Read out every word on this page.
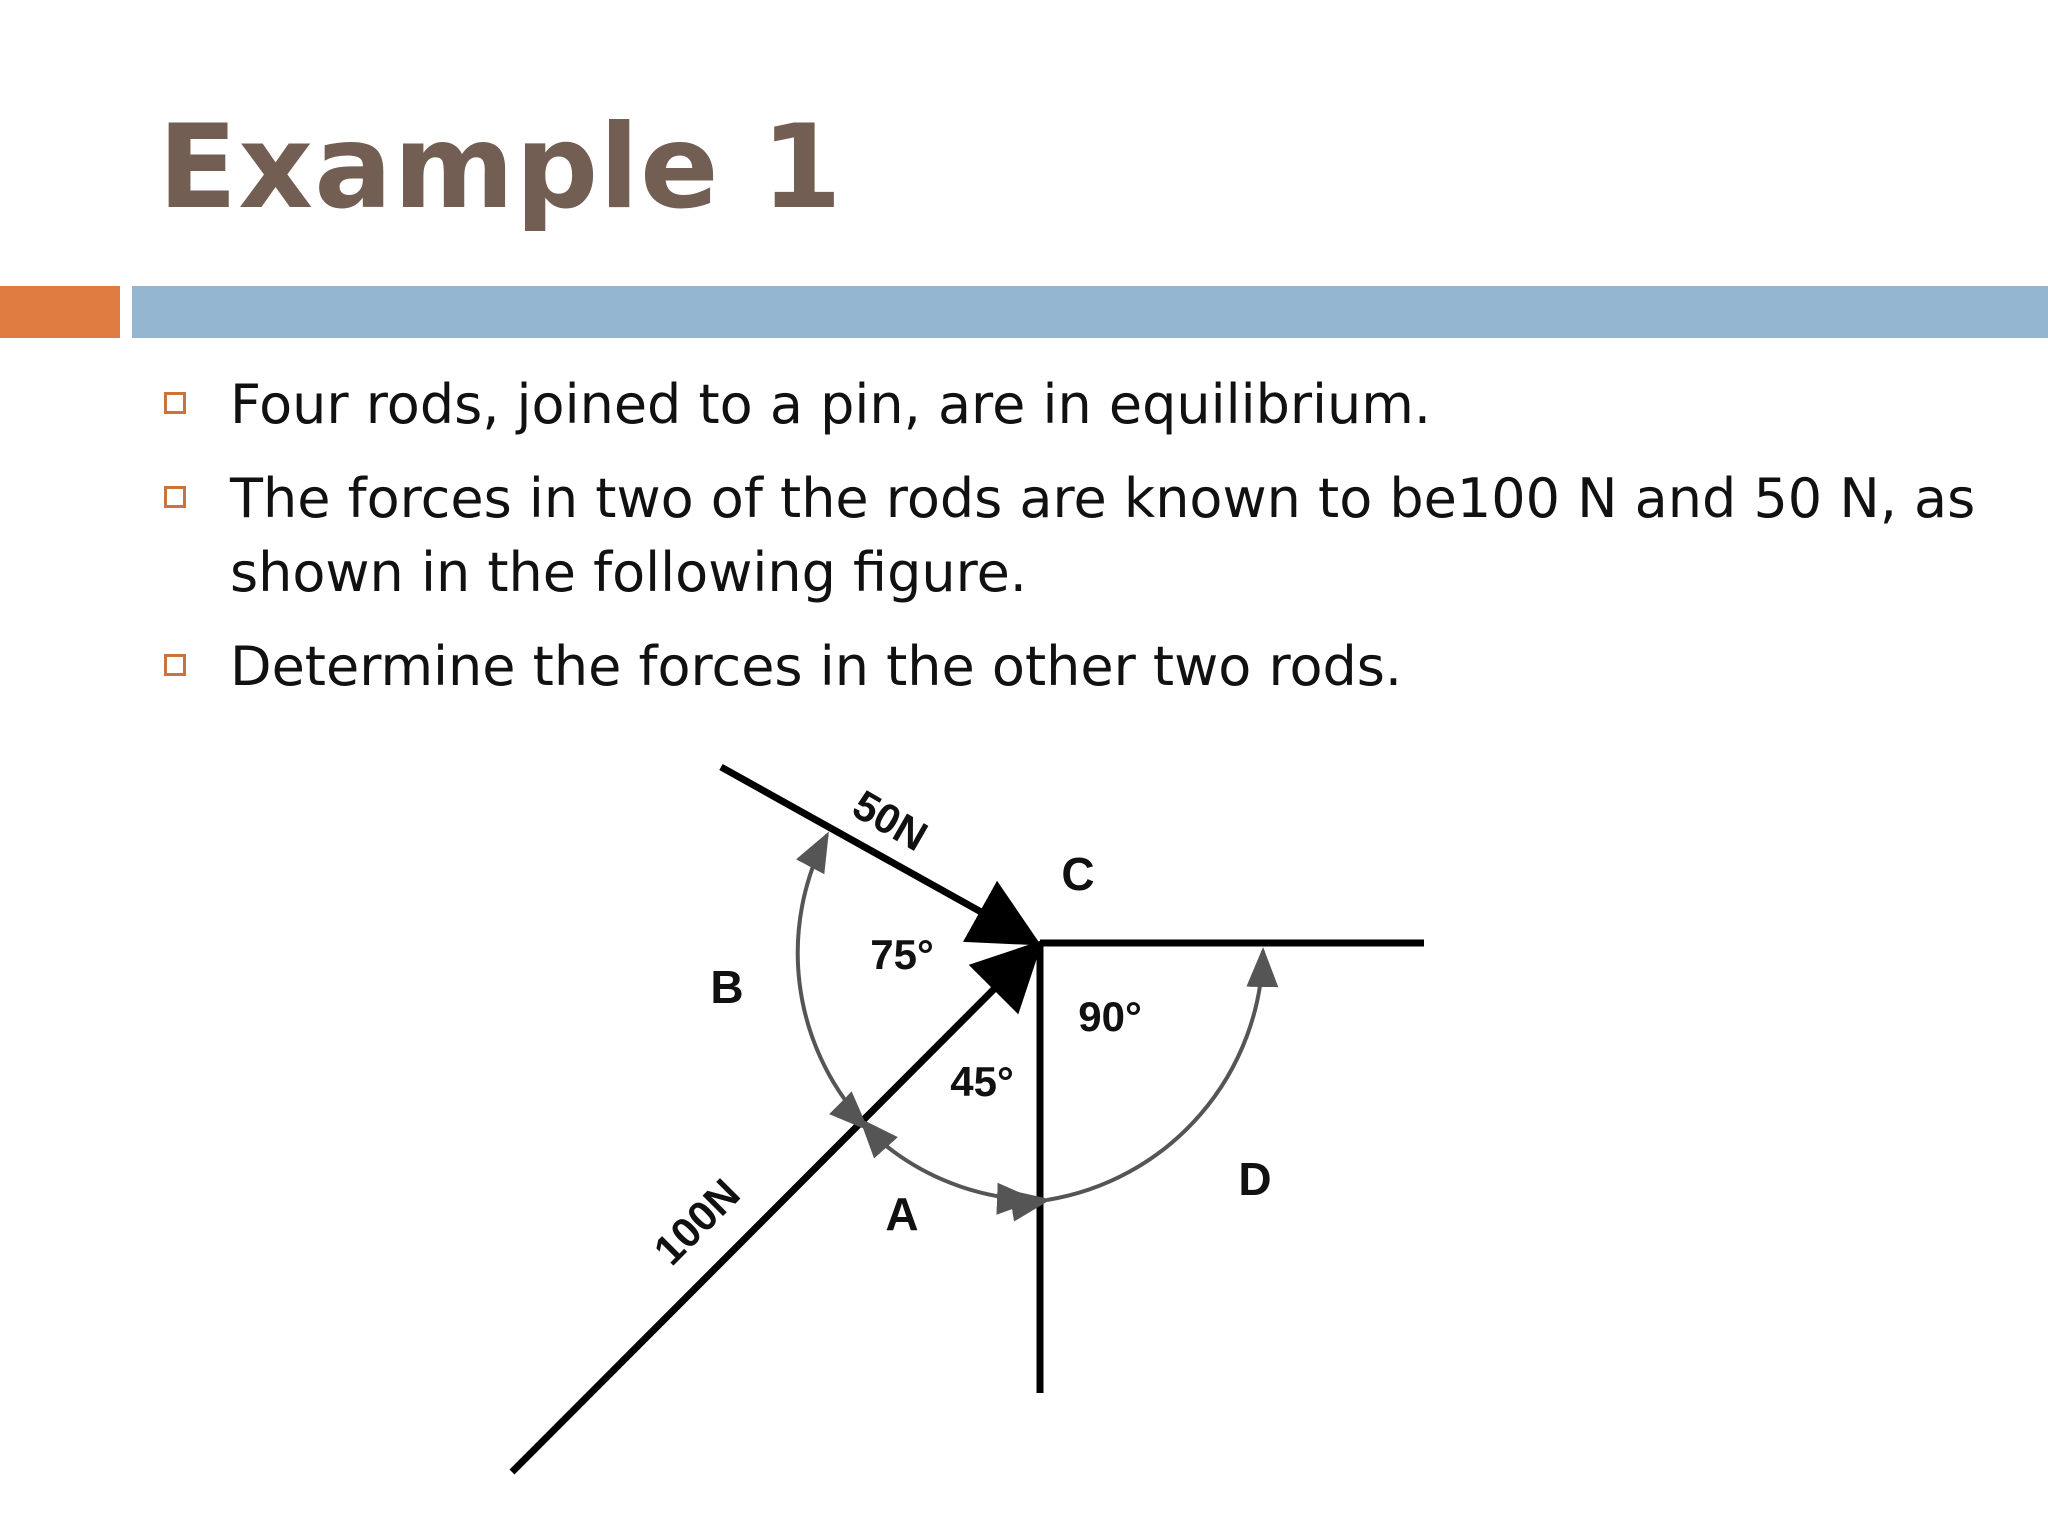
Example 1
Four rods, joined to a pin, are in equilibrium.
The forces in two of the rods are known to be100 N and 50 N, as shown in the following figure.
Determine the forces in the other two rods.
50N
100N
C
75°
90°
45°
B
A
D
